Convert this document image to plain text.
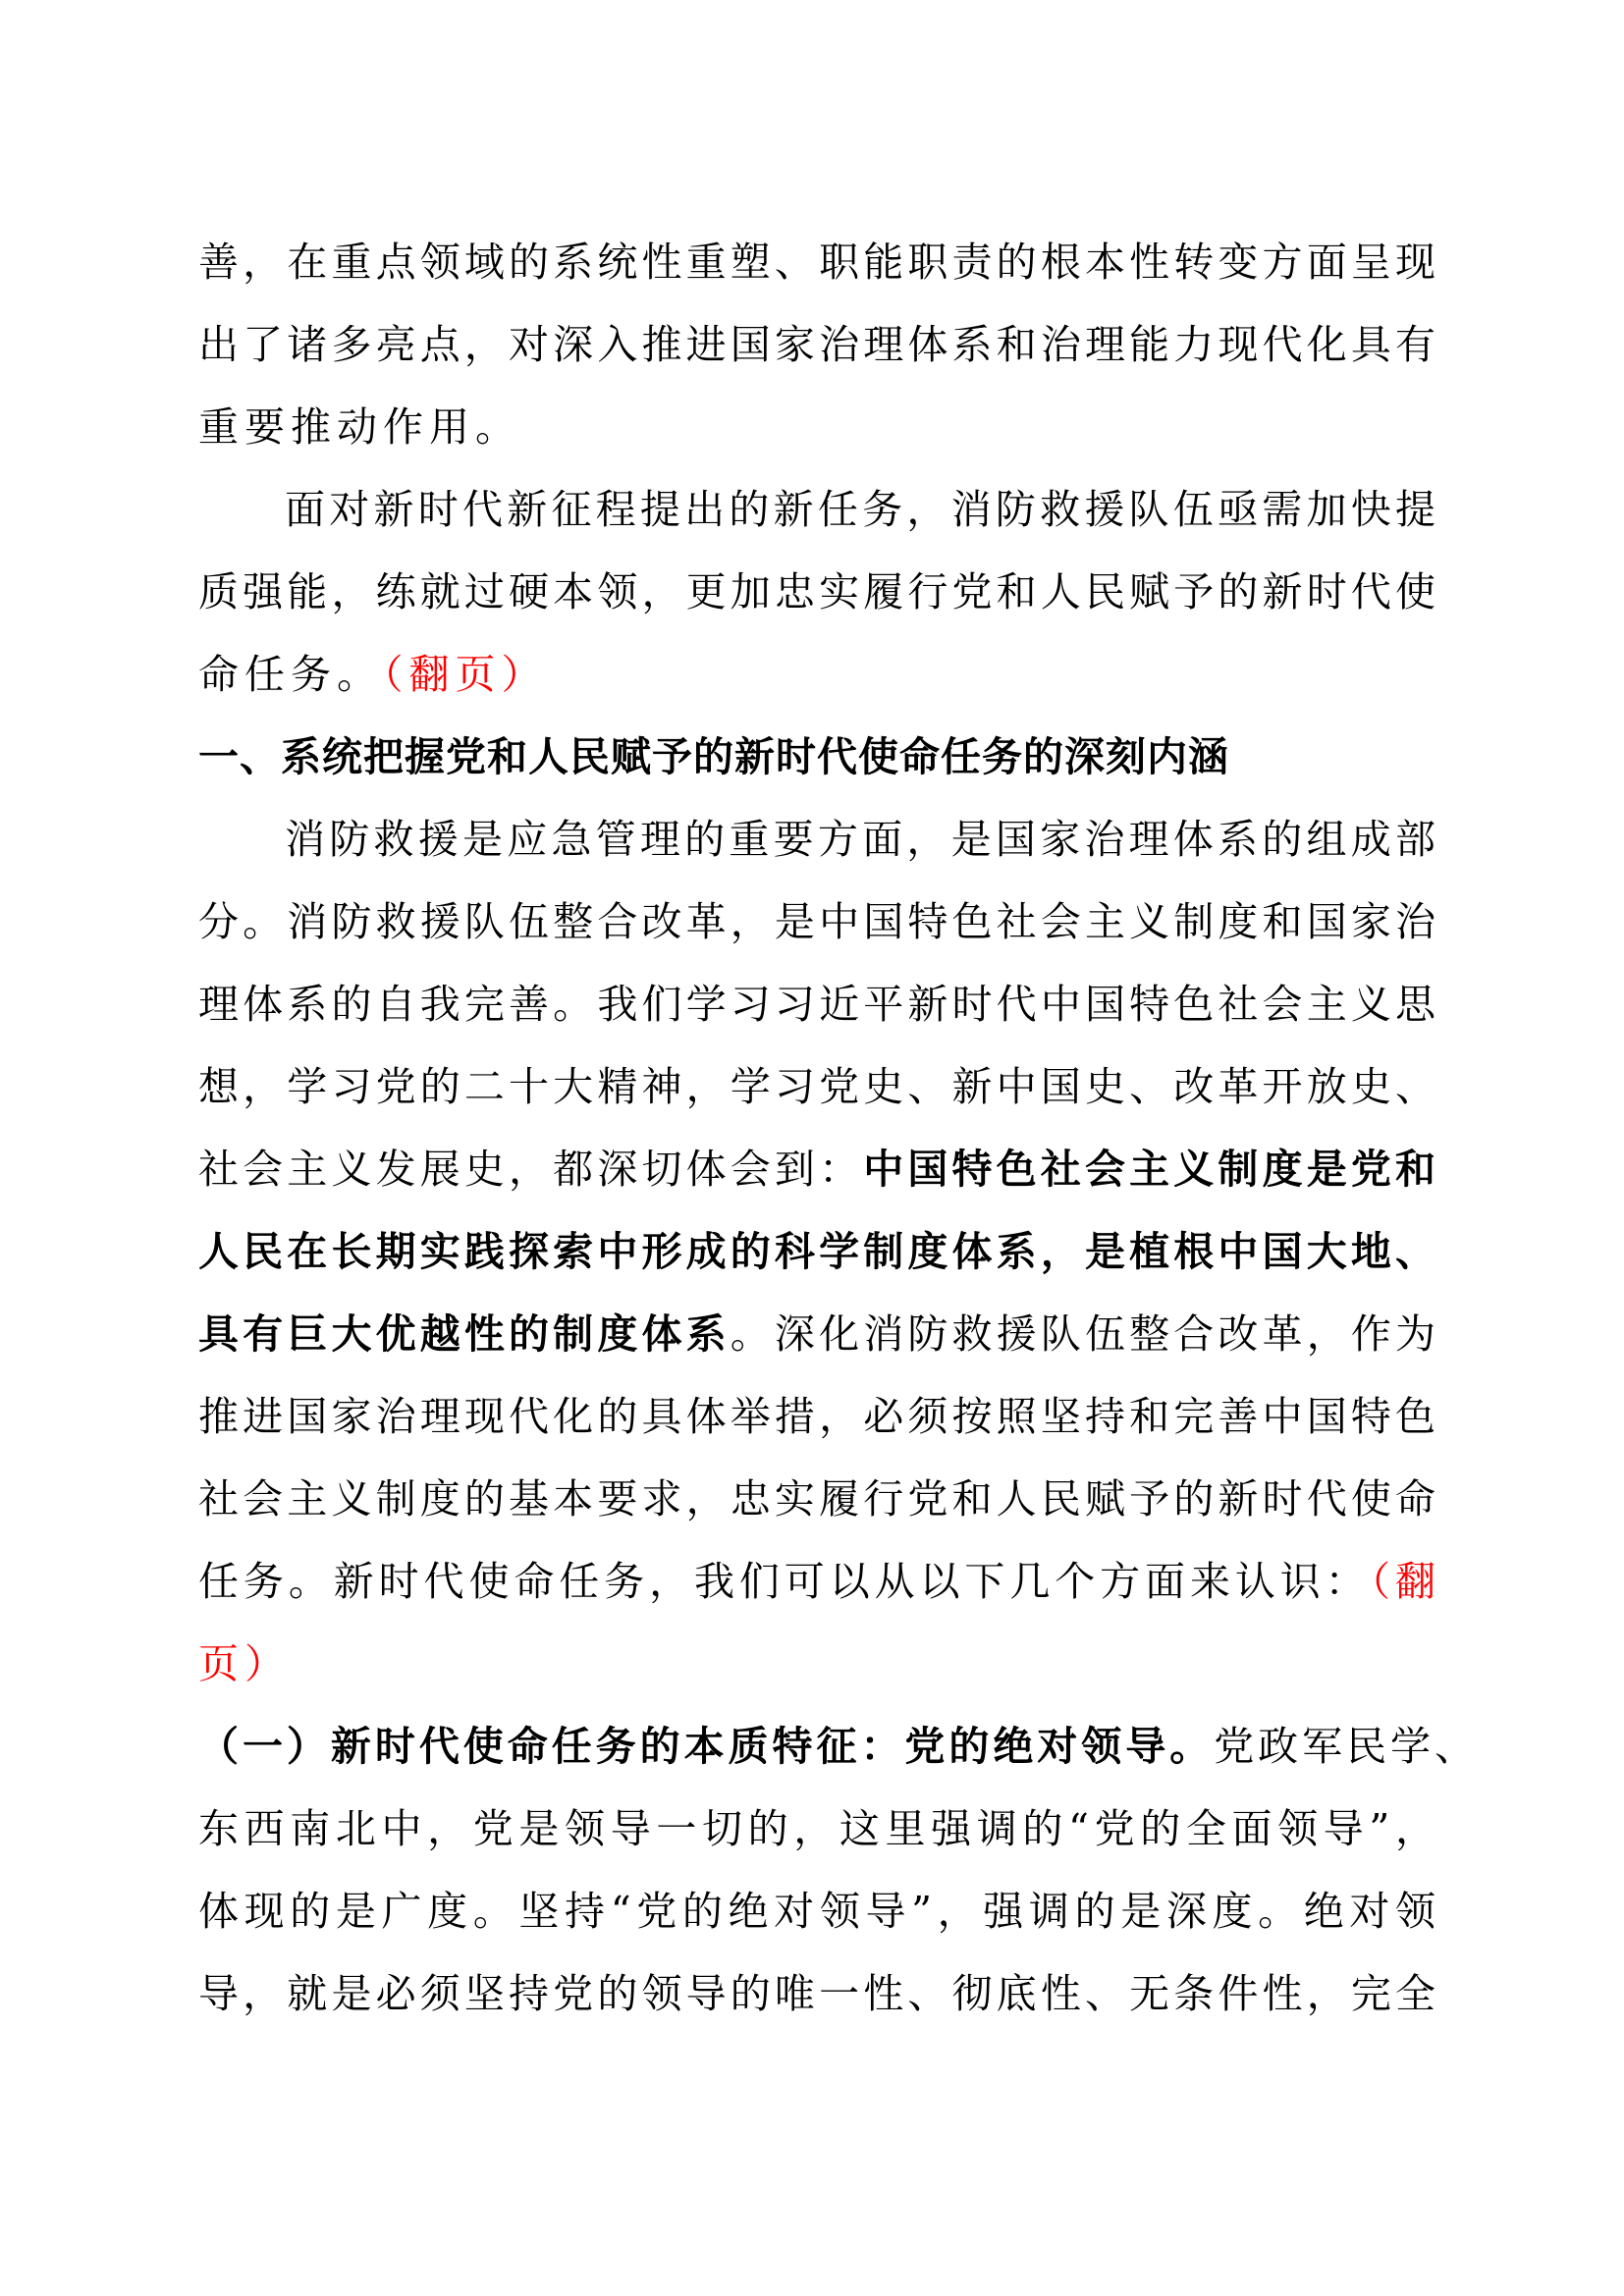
善，在重点领域的系统性重塑、职能职责的根本性转变方面呈现
出了诸多亮点，对深入推进国家治理体系和治理能力现代化具有
重要推动作用。
面对新时代新征程提出的新任务，消防救援队伍亟需加快提
质强能，练就过硬本领，更加忠实履行党和人民赋予的新时代使
命任务。（翻页）
一、系统把握党和人民赋予的新时代使命任务的深刻内涵
消防救援是应急管理的重要方面，是国家治理体系的组成部
分。消防救援队伍整合改革，是中国特色社会主义制度和国家治
理体系的自我完善。我们学习习近平新时代中国特色社会主义思
想，学习党的二十大精神，学习党史、新中国史、改革开放史、
社会主义发展史，都深切体会到：中国特色社会主义制度是党和
人民在长期实践探索中形成的科学制度体系，是植根中国大地、
具有巨大优越性的制度体系。深化消防救援队伍整合改革，作为
推进国家治理现代化的具体举措，必须按照坚持和完善中国特色
社会主义制度的基本要求，忠实履行党和人民赋予的新时代使命
任务。新时代使命任务，我们可以从以下几个方面来认识：（翻
页）
（一）新时代使命任务的本质特征：党的绝对领导。党政军民学、
东西南北中，党是领导一切的，这里强调的“党的全面领导”，
体现的是广度。坚持“党的绝对领导”，强调的是深度。绝对领
导，就是必须坚持党的领导的唯一性、彻底性、无条件性，完全
